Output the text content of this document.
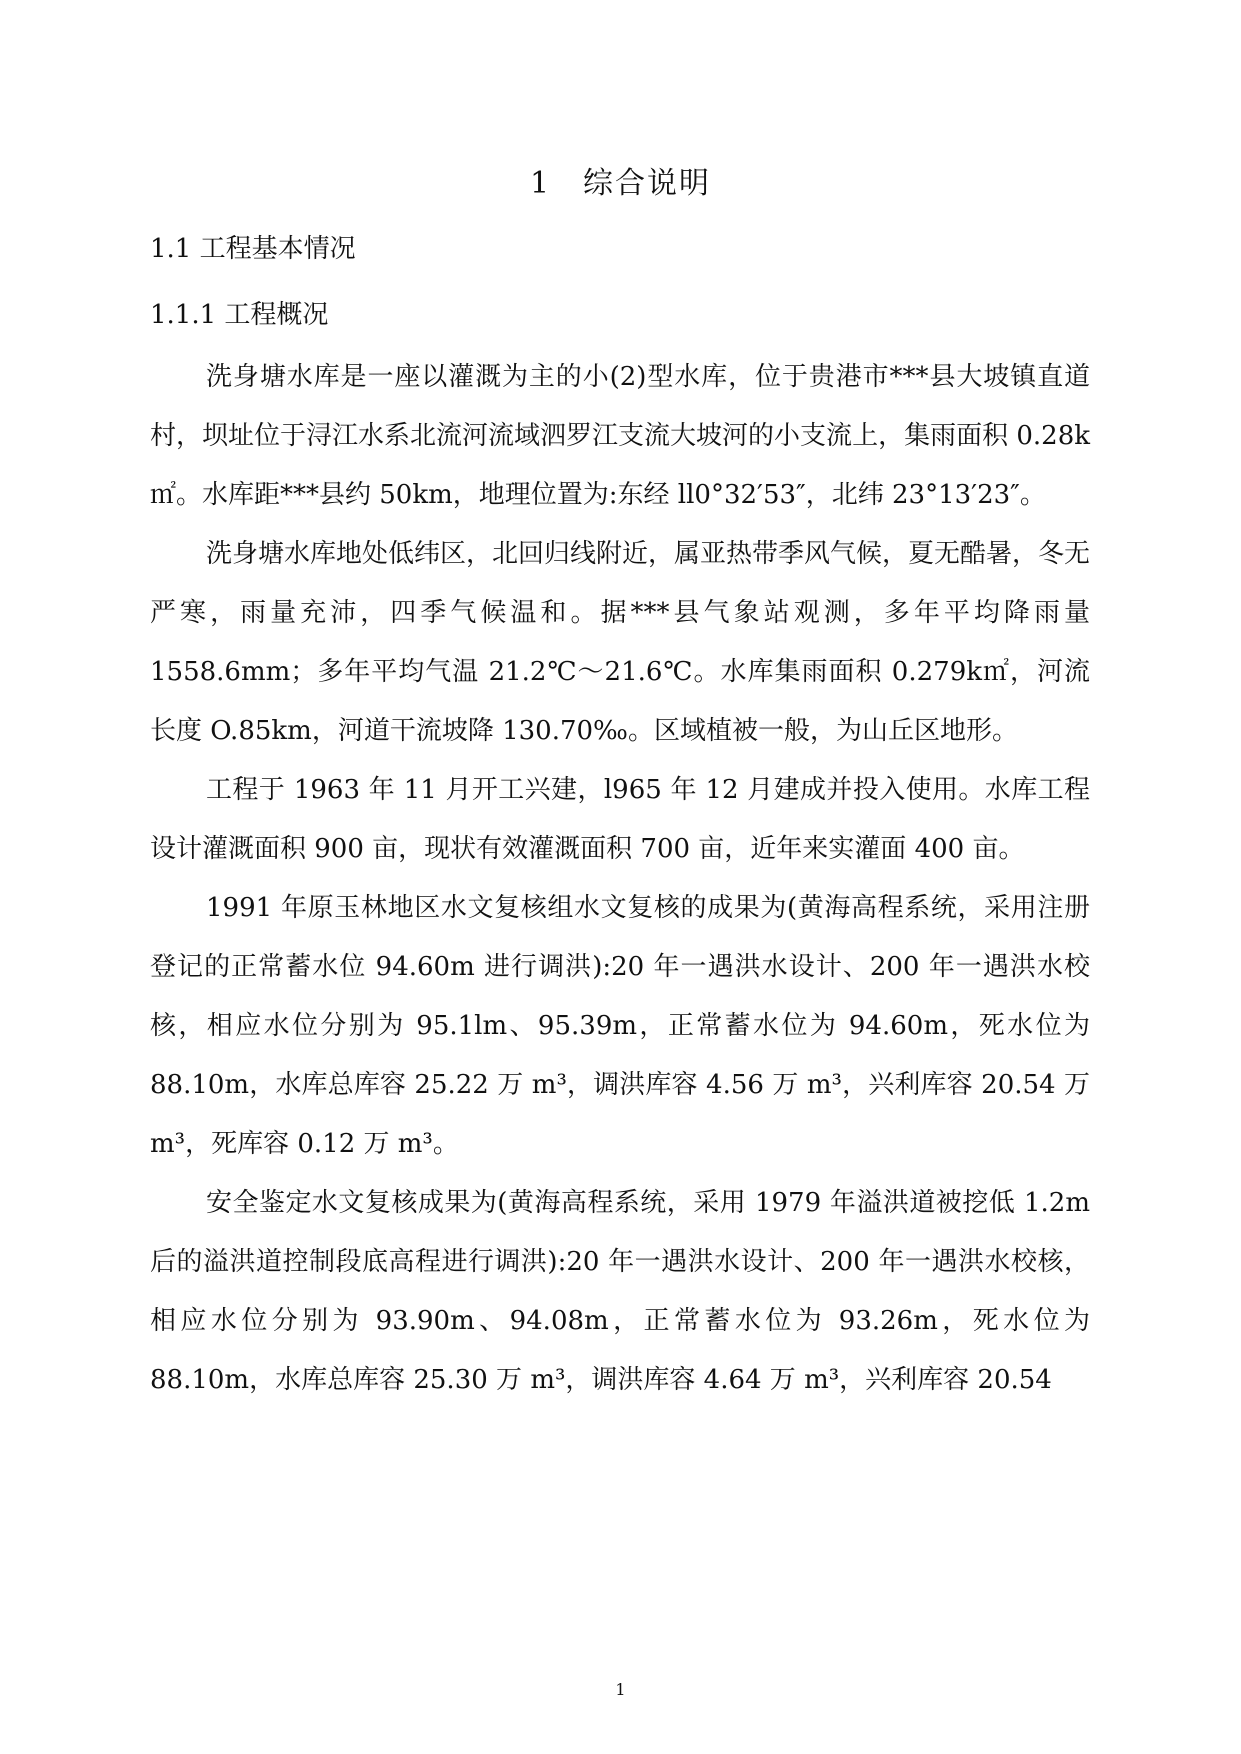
1　综合说明
1.1 工程基本情况
1.1.1 工程概况

洗身塘水库是一座以灌溉为主的小(2)型水库，位于贵港市***县大坡镇直道村，坝址位于浔江水系北流河流域泗罗江支流大坡河的小支流上，集雨面积 0.28k㎡。水库距***县约 50km，地理位置为:东经 ll0°32′53″，北纬 23°13′23″。

洗身塘水库地处低纬区，北回归线附近，属亚热带季风气候，夏无酷暑，冬无严寒，雨量充沛，四季气候温和。据***县气象站观测，多年平均降雨量 1558.6mm；多年平均气温 21.2℃～21.6℃。水库集雨面积 0.279k㎡，河流长度 O.85km，河道干流坡降 130.70‰。区域植被一般，为山丘区地形。

工程于 1963 年 11 月开工兴建，l965 年 12 月建成并投入使用。水库工程设计灌溉面积 900 亩，现状有效灌溉面积 700 亩，近年来实灌面 400 亩。

1991 年原玉林地区水文复核组水文复核的成果为(黄海高程系统，采用注册登记的正常蓄水位 94.60m 进行调洪):20 年一遇洪水设计、200 年一遇洪水校核，相应水位分别为 95.1lm、95.39m，正常蓄水位为 94.60m，死水位为 88.10m，水库总库容 25.22 万 m³，调洪库容 4.56 万 m³，兴利库容 20.54 万 m³，死库容 0.12 万 m³。

安全鉴定水文复核成果为(黄海高程系统，采用 1979 年溢洪道被挖低 1.2m 后的溢洪道控制段底高程进行调洪):20 年一遇洪水设计、200 年一遇洪水校核，相应水位分别为 93.90m、94.08m，正常蓄水位为 93.26m，死水位为 88.10m，水库总库容 25.30 万 m³，调洪库容 4.64 万 m³，兴利库容 20.54

1
